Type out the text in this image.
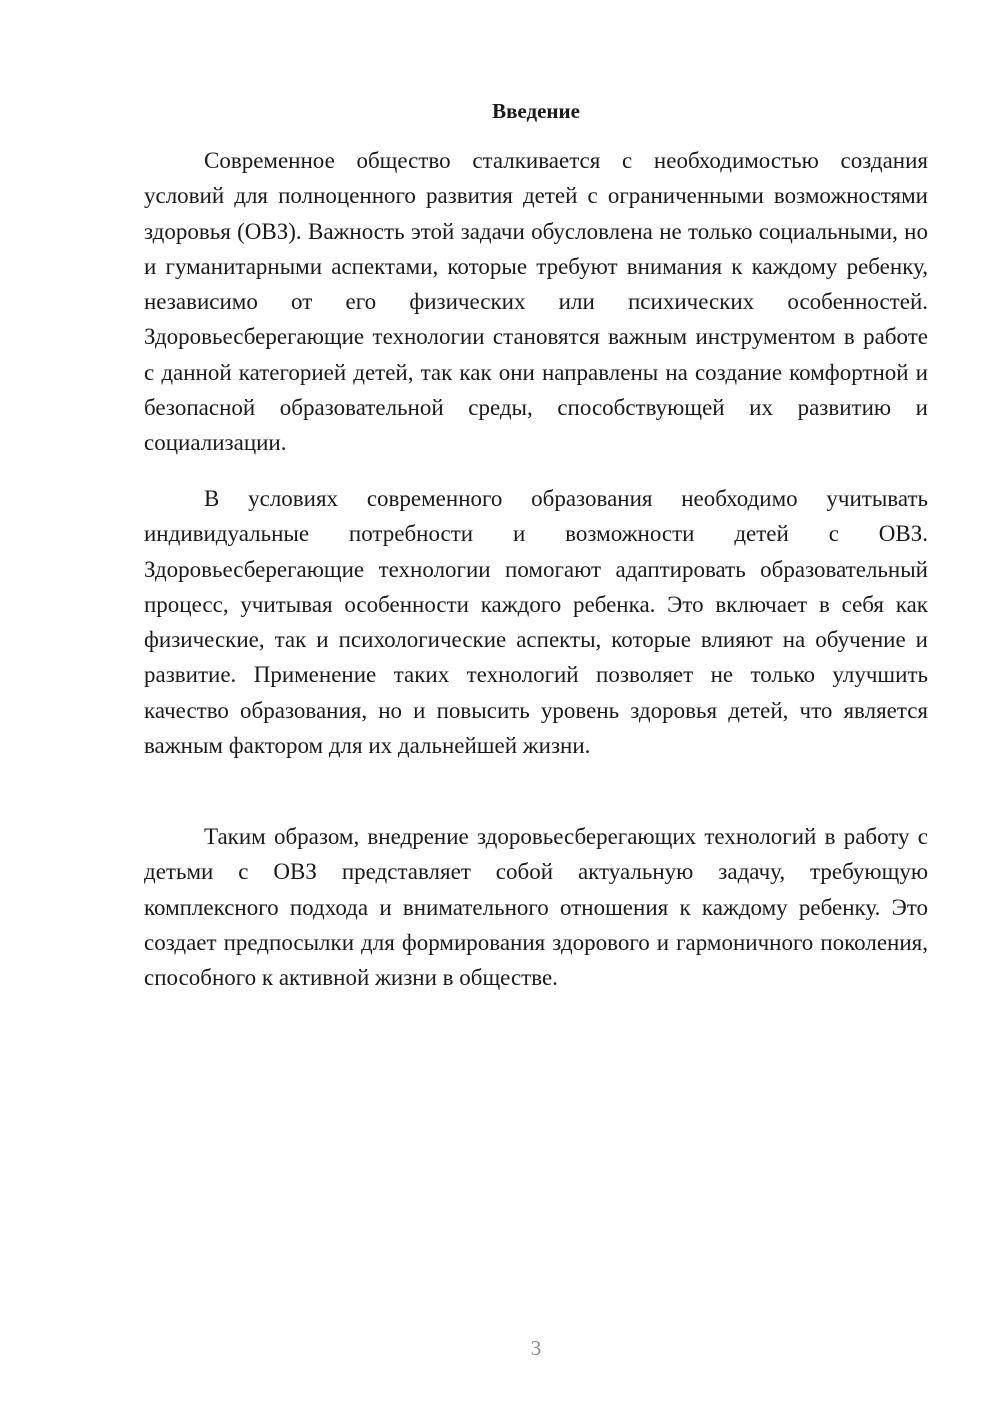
Введение

Современное общество сталкивается с необходимостью создания условий для полноценного развития детей с ограниченными возможностями здоровья (ОВЗ). Важность этой задачи обусловлена не только социальными, но и гуманитарными аспектами, которые требуют внимания к каждому ребенку, независимо от его физических или психических особенностей. Здоровьесберегающие технологии становятся важным инструментом в работе с данной категорией детей, так как они направлены на создание комфортной и безопасной образовательной среды, способствующей их развитию и социализации.

В условиях современного образования необходимо учитывать индивидуальные потребности и возможности детей с ОВЗ. Здоровьесберегающие технологии помогают адаптировать образовательный процесс, учитывая особенности каждого ребенка. Это включает в себя как физические, так и психологические аспекты, которые влияют на обучение и развитие. Применение таких технологий позволяет не только улучшить качество образования, но и повысить уровень здоровья детей, что является важным фактором для их дальнейшей жизни.

Таким образом, внедрение здоровьесберегающих технологий в работу с детьми с ОВЗ представляет собой актуальную задачу, требующую комплексного подхода и внимательного отношения к каждому ребенку. Это создает предпосылки для формирования здорового и гармоничного поколения, способного к активной жизни в обществе.

3
